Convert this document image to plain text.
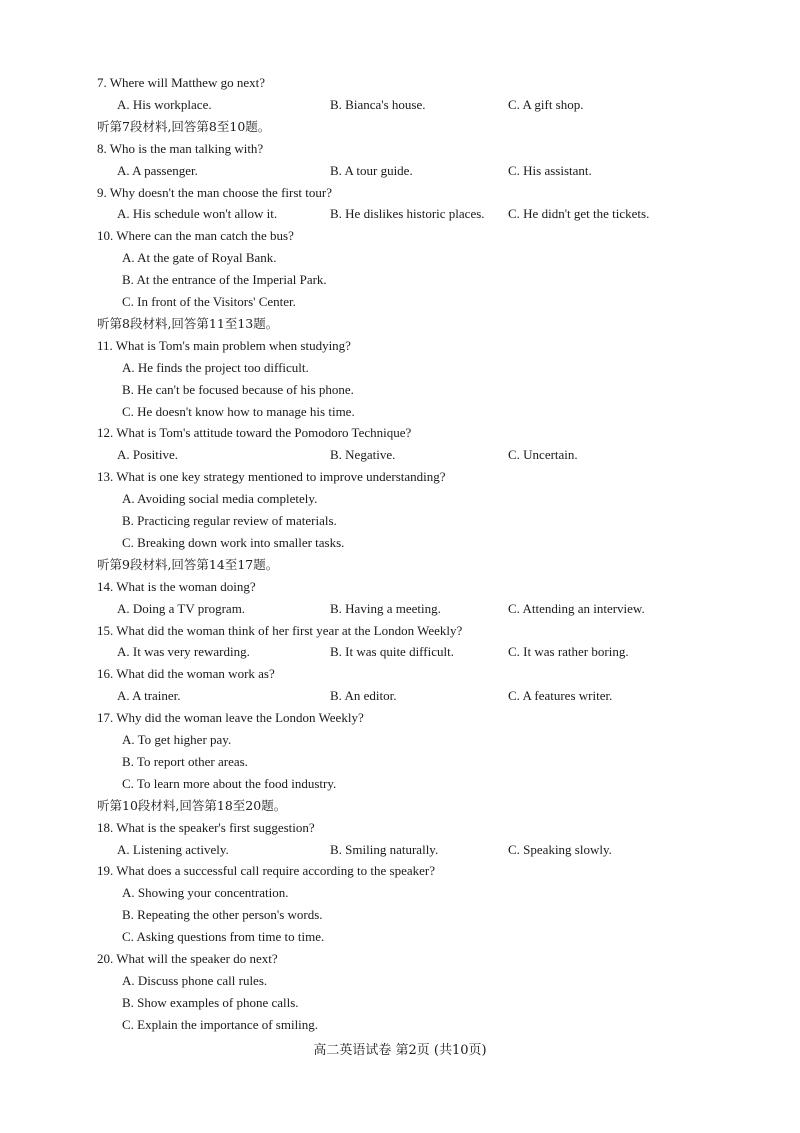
7. Where will Matthew go next?
A. His workplace.	B. Bianca's house.	C. A gift shop.
听第7段材料,回答第8至10题。
8. Who is the man talking with?
A. A passenger.	B. A tour guide.	C. His assistant.
9. Why doesn't the man choose the first tour?
A. His schedule won't allow it.	B. He dislikes historic places. C. He didn't get the tickets.
10. Where can the man catch the bus?
A. At the gate of Royal Bank.
B. At the entrance of the Imperial Park.
C. In front of the Visitors' Center.
听第8段材料,回答第11至13题。
11. What is Tom's main problem when studying?
A. He finds the project too difficult.
B. He can't be focused because of his phone.
C. He doesn't know how to manage his time.
12. What is Tom's attitude toward the Pomodoro Technique?
A. Positive.	B. Negative.	C. Uncertain.
13. What is one key strategy mentioned to improve understanding?
A. Avoiding social media completely.
B. Practicing regular review of materials.
C. Breaking down work into smaller tasks.
听第9段材料,回答第14至17题。
14. What is the woman doing?
A. Doing a TV program.	B. Having a meeting.	C. Attending an interview.
15. What did the woman think of her first year at the London Weekly?
A. It was very rewarding.	B. It was quite difficult.	C. It was rather boring.
16. What did the woman work as?
A. A trainer.	B. An editor.	C. A features writer.
17. Why did the woman leave the London Weekly?
A. To get higher pay.
B. To report other areas.
C. To learn more about the food industry.
听第10段材料,回答第18至20题。
18. What is the speaker's first suggestion?
A. Listening actively.	B. Smiling naturally.	C. Speaking slowly.
19. What does a successful call require according to the speaker?
A. Showing your concentration.
B. Repeating the other person's words.
C. Asking questions from time to time.
20. What will the speaker do next?
A. Discuss phone call rules.
B. Show examples of phone calls.
C. Explain the importance of smiling.
高二英语试卷 第2页 (共10页)
